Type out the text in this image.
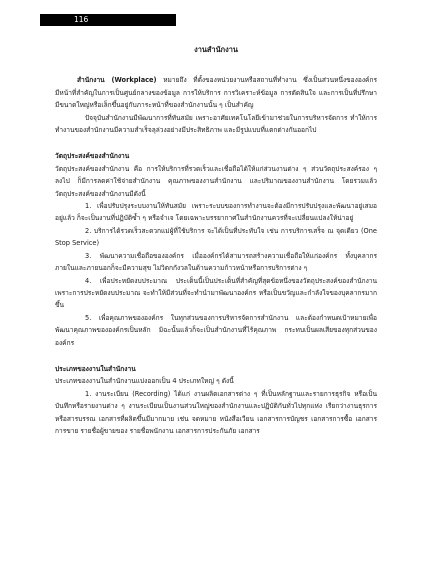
116
งานสำนักงาน

สำนักงาน (Workplace) หมายถึง ที่ตั้งของหน่วยงานหรือสถานที่ทำงาน ซึ่งเป็นส่วนหนึ่งขององค์กร มีหน้าที่สำคัญในการเป็นศูนย์กลางของข้อมูล การให้บริการ การวิเคราะห์ข้อมูล การตัดสินใจ และการเป็นที่ปรึกษา มีขนาดใหญ่หรือเล็กขึ้นอยู่กับภาระหน้าที่ของสำนักงานนั้น ๆ เป็นสำคัญ

ปัจจุบันสำนักงานมีพัฒนาการที่ทันสมัย เพราะอาศัยเทคโนโลยีเข้ามาช่วยในการบริหารจัดการ ทำให้การทำงานของสำนักงานมีความสำเร็จลุล่วงอย่างมีประสิทธิภาพ และมีรูปแบบที่แตกต่างกันออกไป

วัตถุประสงค์ของสำนักงาน

วัตถุประสงค์ของสำนักงาน คือ การให้บริการที่รวดเร็วและเชื่อถือได้ให้แก่ส่วนงานต่าง ๆ ส่วนวัตถุประสงค์รอง ๆ ลงไป ก็มีการลดค่าใช้จ่ายสำนักงาน คุณภาพของงานสำนักงาน และปริมาณของงานสำนักงาน โดยรวมแล้ววัตถุประสงค์ของสำนักงานมีดังนี้

1. เพื่อปรับปรุงระบบงานให้ทันสมัย เพราะระบบของการทำงานจะต้องมีการปรับปรุงและพัฒนาอยู่เสมออยู่แล้ว ก็จะเป็นงานที่ปฏิบัติซ้ำ ๆ หรือจำเจ โดยเฉพาะบรรยากาศในสำนักงานควรที่จะเปลี่ยนแปลงให้น่าอยู่

2. บริการได้รวดเร็วสะดวกแม่ผู้ที่ใช้บริการ จะได้เป็นที่ประทับใจ เช่น การบริการเสร็จ ณ จุดเดียว (One Stop Service)

3. พัฒนาความเชื่อถือขององค์กร เมื่อองค์กรได้สามารถสร้างความเชื่อถือให้แก่องค์กร ทั้งบุคลากรภายในและภายนอกก็จะมีความสุข ไม่วิตกกังวลในด้านความก้าวหน้าหรือการบริการต่าง ๆ

4. เพื่อประหยัดงบประมาณ ประเด็นนี้เป็นประเด็นที่สำคัญที่สุดข้อหนึ่งของวัตถุประสงค์ของสำนักงาน เพราะการประหยัดงบประมาณ จะทำให้มีส่วนที่จะทำนำมาพัฒนาองค์กร หรือเป็นขวัญและกำลังใจของบุคลากรมากขึ้น

5. เพื่อคุณภาพขององค์กร ในทุกส่วนของการบริหารจัดการสำนักงาน และต้องกำหนดเป้าหมายเพื่อพัฒนาคุณภาพขององค์กรเป็นหลัก มิฉะนั้นแล้วก็จะเป็นสำนักงานที่ไร้คุณภาพ กระทบเป็นผลเสียของทุกส่วนขององค์กร

ประเภทของงานในสำนักงาน

ประเภทของงานในสำนักงานแบ่งออกเป็น 4 ประเภทใหญ่ ๆ ดังนี้

1. งานระเบียน (Recording) ได้แก่ งานผลิตเอกสารต่าง ๆ ที่เป็นหลักฐานและรายการธุรกิจ หรือเป็นบันทึกหรือรายงานต่าง ๆ งานระเบียนเป็นงานส่วนใหญ่ของสำนักงานและปฏิบัติกันทั่วไปทุกแห่ง เรียกว่างานธุรการหรือสารบรรณ เอกสารที่ผลิตขึ้นมีมากมาย เช่น จดหมาย หนังสือเวียน เอกสารการบัญชร เอกสารการซื้อ เอกสารการขาย รายชื่อผู้ขายของ รายชื่อพนักงาน เอกสารการประกันภัย เอกสาร
